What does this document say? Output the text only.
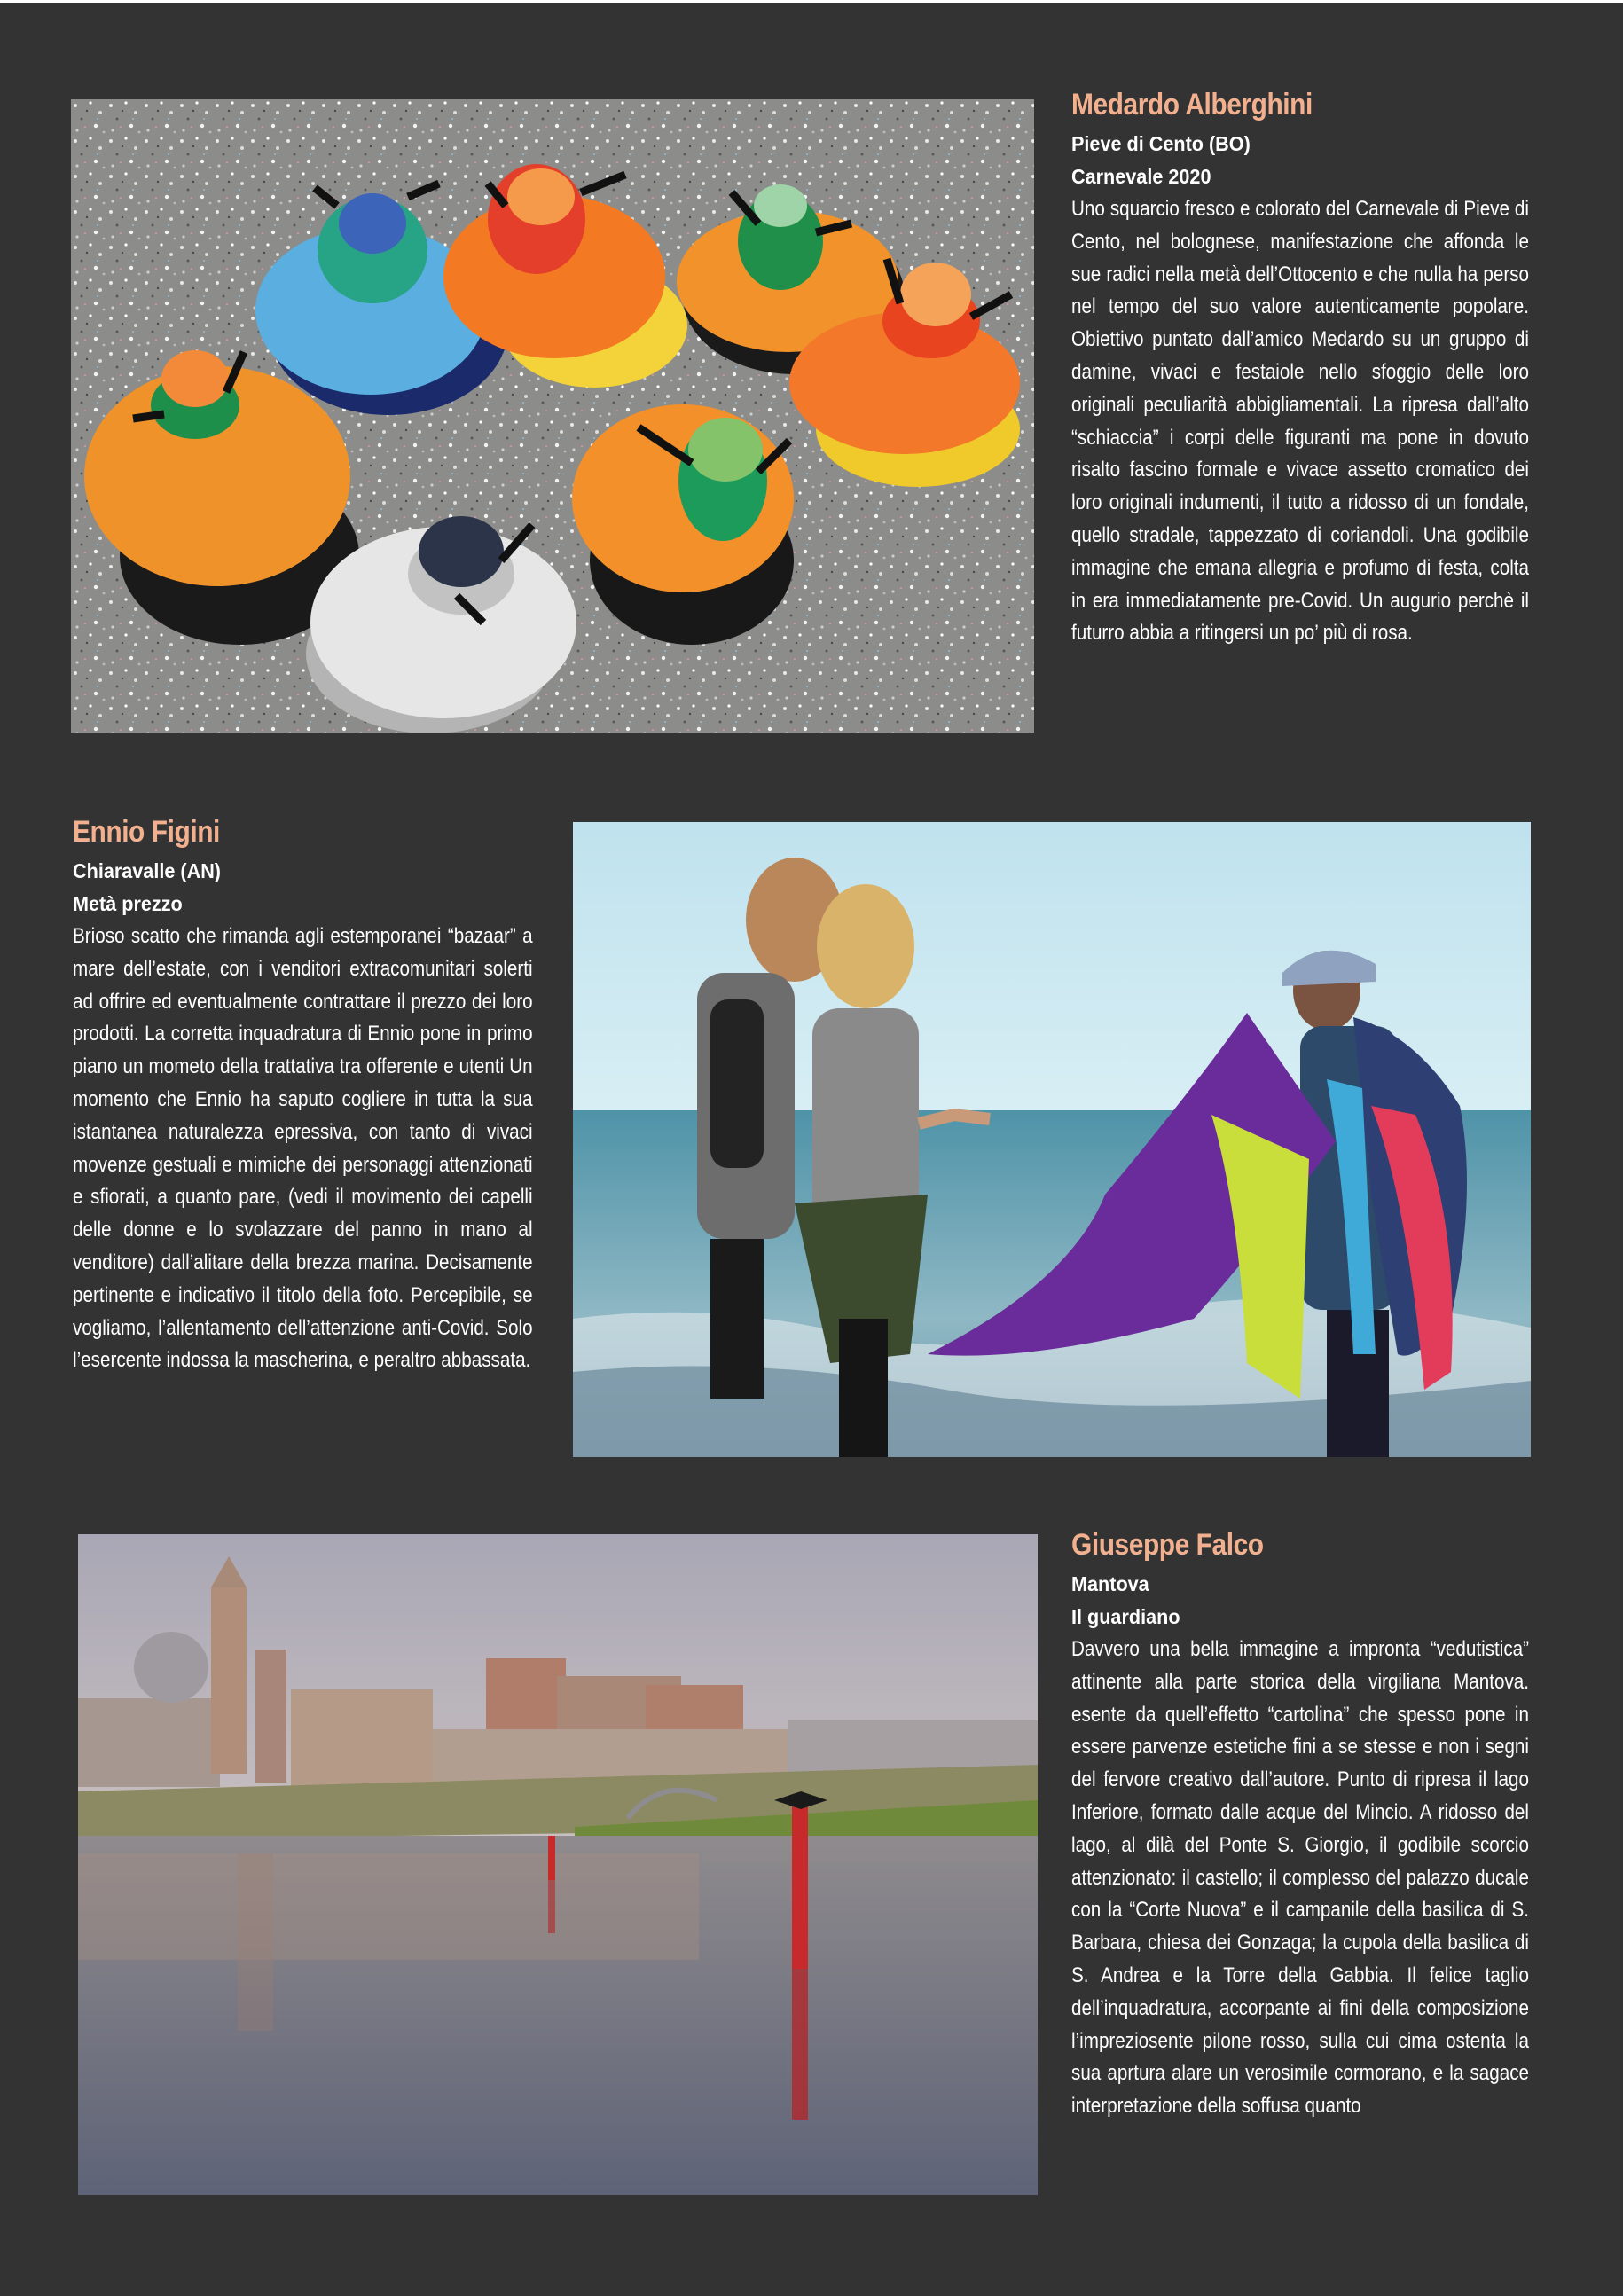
Medardo Alberghini

Pieve di Cento (BO)

Carnevale 2020

Uno squarcio fresco e colorato del Carnevale di Pieve di Cento, nel bolognese, manifestazione che affonda le sue radici nella metà dell’Ottocento e che nulla ha perso nel tempo del suo valore autenticamente popolare. Obiettivo puntato dall’amico Medardo su un gruppo di damine, vivaci e festaiole nello sfoggio delle loro originali peculiarità abbigliamentali. La ripresa dall’alto “schiaccia” i corpi delle figuranti ma pone in dovuto risalto fascino formale e vivace assetto cromatico dei loro originali indumenti, il tutto a ridosso di un fondale, quello stradale, tappezzato di coriandoli. Una godibile immagine che emana allegria e profumo di festa, colta in era immediatamente pre-Covid. Un augurio perchè il futurro abbia a ritingersi un po’ più di rosa.

Ennio Figini

Chiaravalle (AN)

Metà prezzo

Brioso scatto che rimanda agli estemporanei “bazaar” a mare dell’estate, con i venditori extracomunitari solerti ad offrire ed eventualmente contrattare il prezzo dei loro prodotti. La corretta inquadratura di Ennio pone in primo piano un mometo della trattativa tra offerente e utenti Un momento che Ennio ha saputo cogliere in tutta la sua istantanea naturalezza epressiva, con tanto di vivaci movenze gestuali e mimiche dei personaggi attenzionati e sfiorati, a quanto pare, (vedi il movimento dei capelli delle donne e lo svolazzare del panno in mano al venditore) dall’alitare della brezza marina. Decisamente pertinente e indicativo il titolo della foto. Percepibile, se vogliamo, l’allentamento dell’attenzione anti-Covid. Solo l’esercente indossa la mascherina, e peraltro abbassata.

Giuseppe Falco

Mantova

Il guardiano

Davvero una bella immagine a impronta “vedutistica” attinente alla parte storica della virgiliana Mantova. esente da quell’effetto “cartolina” che spesso pone in essere parvenze estetiche fini a se stesse e non i segni del fervore creativo dall’autore. Punto di ripresa il lago Inferiore, formato dalle acque del Mincio. A ridosso del lago, al dilà del Ponte S. Giorgio, il godibile scorcio attenzionato: il castello; il complesso del palazzo ducale con la “Corte Nuova” e il campanile della basilica di S. Barbara, chiesa dei Gonzaga; la cupola della basilica di S. Andrea e la Torre della Gabbia. Il felice taglio dell’inquadratura, accorpante ai fini della composizione l’impreziosente pilone rosso, sulla cui cima ostenta la sua aprtura alare un verosimile cormorano, e la sagace interpretazione della soffusa quanto
